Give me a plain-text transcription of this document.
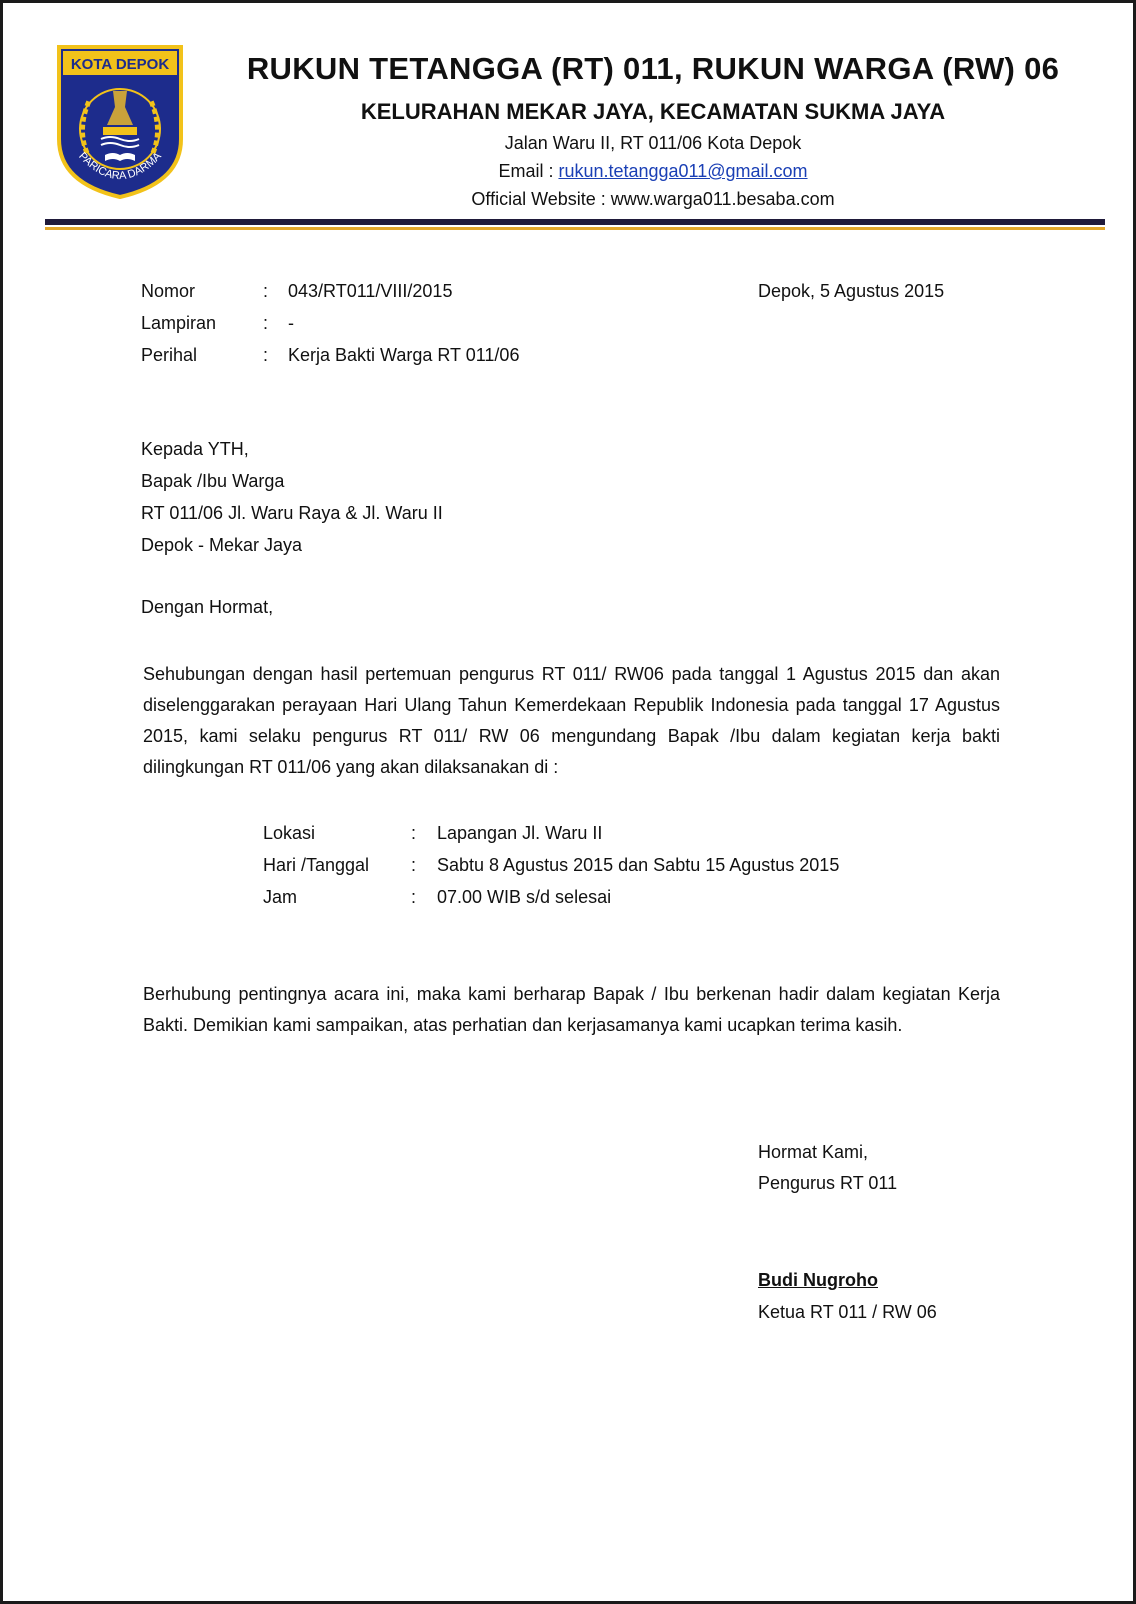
KOTA DEPOK
PARICARA DARMA
RUKUN TETANGGA (RT) 011, RUKUN WARGA (RW) 06
KELURAHAN MEKAR JAYA, KECAMATAN SUKMA JAYA
Jalan Waru II, RT 011/06 Kota Depok
Email : rukun.tetangga011@gmail.com
Official Website : www.warga011.besaba.com
Nomor	: 043/RT011/VIII/2015	Depok, 5 Agustus 2015
Lampiran	: -
Perihal	: Kerja Bakti Warga RT 011/06
Kepada YTH,
Bapak /Ibu Warga
RT 011/06 Jl. Waru Raya & Jl. Waru II
Depok - Mekar Jaya
Dengan Hormat,
Sehubungan dengan hasil pertemuan pengurus RT 011/ RW06 pada tanggal 1 Agustus 2015 dan akan diselenggarakan perayaan Hari Ulang Tahun Kemerdekaan Republik Indonesia pada tanggal 17 Agustus 2015, kami selaku pengurus RT 011/ RW 06 mengundang Bapak /Ibu dalam kegiatan kerja bakti dilingkungan RT 011/06 yang akan dilaksanakan di :
Lokasi	: Lapangan Jl. Waru II
Hari /Tanggal : Sabtu 8 Agustus 2015 dan Sabtu 15 Agustus 2015
Jam	: 07.00 WIB s/d selesai
Berhubung pentingnya acara ini, maka kami berharap Bapak / Ibu berkenan hadir dalam kegiatan Kerja Bakti. Demikian kami sampaikan, atas perhatian dan kerjasamanya kami ucapkan terima kasih.
Hormat Kami,
Pengurus RT 011
Budi Nugroho
Ketua RT 011 / RW 06
